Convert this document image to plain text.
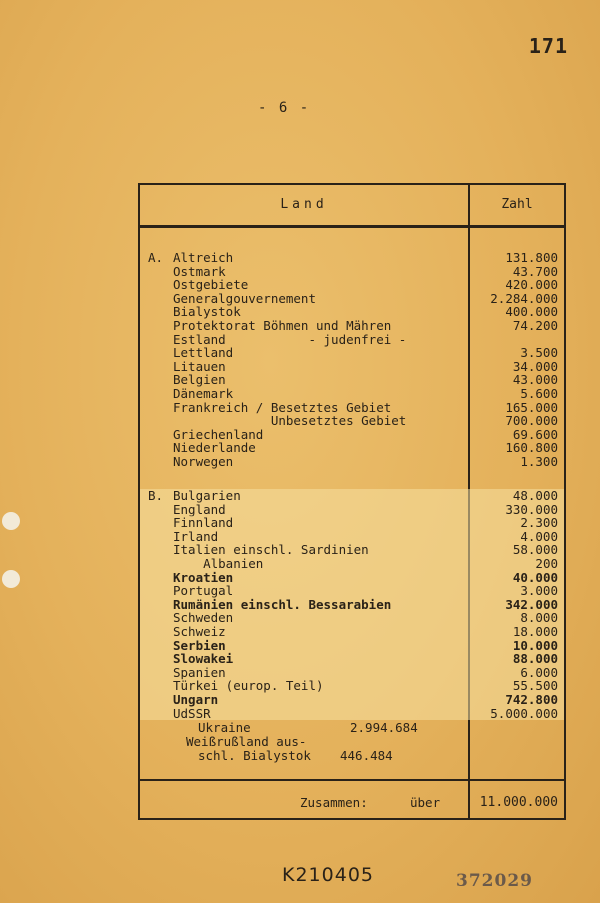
171
- 6 -
Land	Zahl
A. Altreich	131.800
Ostmark	43.700
Ostgebiete	420.000
Generalgouvernement	2.284.000
Bialystok	400.000
Protektorat Böhmen und Mähren	74.200
Estland           - judenfrei -
Lettland	3.500
Litauen	34.000
Belgien	43.000
Dänemark	5.600
Frankreich / Besetztes Gebiet	165.000
Unbesetztes Gebiet	700.000
Griechenland	69.600
Niederlande	160.800
Norwegen	1.300
B. Bulgarien	48.000
England	330.000
Finnland	2.300
Irland	4.000
Italien einschl. Sardinien	58.000
Albanien	200
Kroatien	40.000
Portugal	3.000
Rumänien einschl. Bessarabien	342.000
Schweden	8.000
Schweiz	18.000
Serbien	10.000
Slowakei	88.000
Spanien	6.000
Türkei (europ. Teil)	55.500
Ungarn	742.800
UdSSR	5.000.000
Ukraine	2.994.684
Weißrußland aus-
schl. Bialystok 446.484
Zusammen:	über	11.000.000
K210405	372029
